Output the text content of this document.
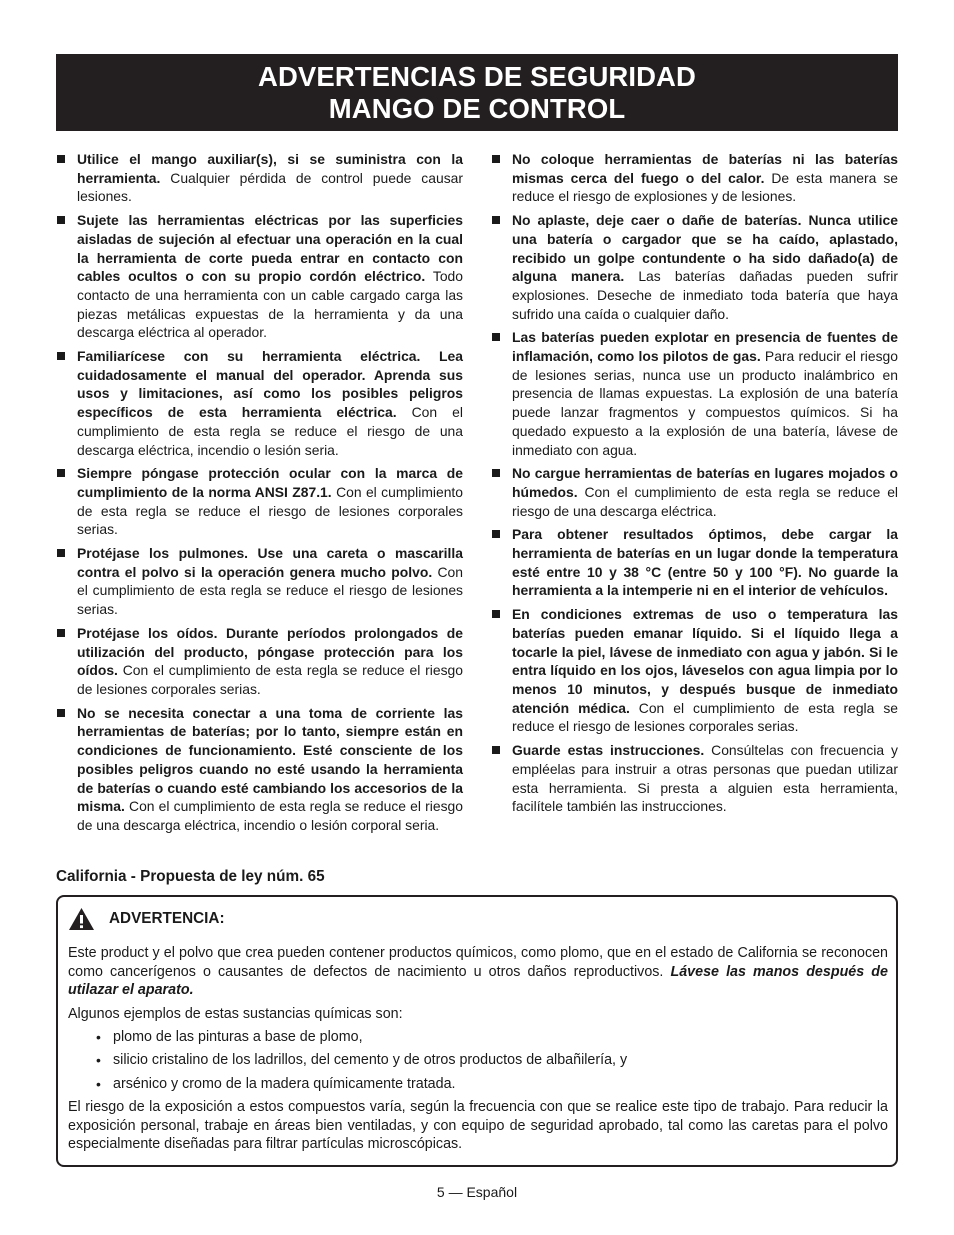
ADVERTENCIAS DE SEGURIDAD
MANGO DE CONTROL
Utilice el mango auxiliar(s), si se suministra con la herramienta. Cualquier pérdida de control puede causar lesiones.
Sujete las herramientas eléctricas por las superficies aisladas de sujeción al efectuar una operación en la cual la herramienta de corte pueda entrar en contacto con cables ocultos o con su propio cordón eléctrico. Todo contacto de una herramienta con un cable cargado carga las piezas metálicas expuestas de la herramienta y da una descarga eléctrica al operador.
Familiarícese con su herramienta eléctrica. Lea cuidadosamente el manual del operador. Aprenda sus usos y limitaciones, así como los posibles peligros específicos de esta herramienta eléctrica. Con el cumplimiento de esta regla se reduce el riesgo de una descarga eléctrica, incendio o lesión seria.
Siempre póngase protección ocular con la marca de cumplimiento de la norma ANSI Z87.1. Con el cumplimiento de esta regla se reduce el riesgo de lesiones corporales serias.
Protéjase los pulmones. Use una careta o mascarilla contra el polvo si la operación genera mucho polvo. Con el cumplimiento de esta regla se reduce el riesgo de lesiones serias.
Protéjase los oídos. Durante períodos prolongados de utilización del producto, póngase protección para los oídos. Con el cumplimiento de esta regla se reduce el riesgo de lesiones corporales serias.
No se necesita conectar a una toma de corriente las herramientas de baterías; por lo tanto, siempre están en condiciones de funcionamiento. Esté consciente de los posibles peligros cuando no esté usando la herramienta de baterías o cuando esté cambiando los accesorios de la misma. Con el cumplimiento de esta regla se reduce el riesgo de una descarga eléctrica, incendio o lesión corporal seria.
No coloque herramientas de baterías ni las baterías mismas cerca del fuego o del calor. De esta manera se reduce el riesgo de explosiones y de lesiones.
No aplaste, deje caer o dañe de baterías. Nunca utilice una batería o cargador que se ha caído, aplastado, recibido un golpe contundente o ha sido dañado(a) de alguna manera. Las baterías dañadas pueden sufrir explosiones. Deseche de inmediato toda batería que haya sufrido una caída o cualquier daño.
Las baterías pueden explotar en presencia de fuentes de inflamación, como los pilotos de gas. Para reducir el riesgo de lesiones serias, nunca use un producto inalámbrico en presencia de llamas expuestas. La explosión de una batería puede lanzar fragmentos y compuestos químicos. Si ha quedado expuesto a la explosión de una batería, lávese de inmediato con agua.
No cargue herramientas de baterías en lugares mojados o húmedos. Con el cumplimiento de esta regla se reduce el riesgo de una descarga eléctrica.
Para obtener resultados óptimos, debe cargar la herramienta de baterías en un lugar donde la temperatura esté entre 10 y 38 °C (entre 50 y 100 °F). No guarde la herramienta a la intemperie ni en el interior de vehículos.
En condiciones extremas de uso o temperatura las baterías pueden emanar líquido. Si el líquido llega a tocarle la piel, lávese de inmediato con agua y jabón. Si le entra líquido en los ojos, láveselos con agua limpia por lo menos 10 minutos, y después busque de inmediato atención médica. Con el cumplimiento de esta regla se reduce el riesgo de lesiones corporales serias.
Guarde estas instrucciones. Consúltelas con frecuencia y empléelas para instruir a otras personas que puedan utilizar esta herramienta. Si presta a alguien esta herramienta, facilítele también las instrucciones.
California - Propuesta de ley núm. 65
ADVERTENCIA:

Este product y el polvo que crea pueden contener productos químicos, como plomo, que en el estado de California se reconocen como cancerígenos o causantes de defectos de nacimiento u otros daños reproductivos. Lávese las manos después de utilazar el aparato.

Algunos ejemplos de estas sustancias químicas son:

• plomo de las pinturas a base de plomo,
• silicio cristalino de los ladrillos, del cemento y de otros productos de albañilería, y
• arsénico y cromo de la madera químicamente tratada.

El riesgo de la exposición a estos compuestos varía, según la frecuencia con que se realice este tipo de trabajo. Para reducir la exposición personal, trabaje en áreas bien ventiladas, y con equipo de seguridad aprobado, tal como las caretas para el polvo especialmente diseñadas para filtrar partículas microscópicas.

5 — Español
